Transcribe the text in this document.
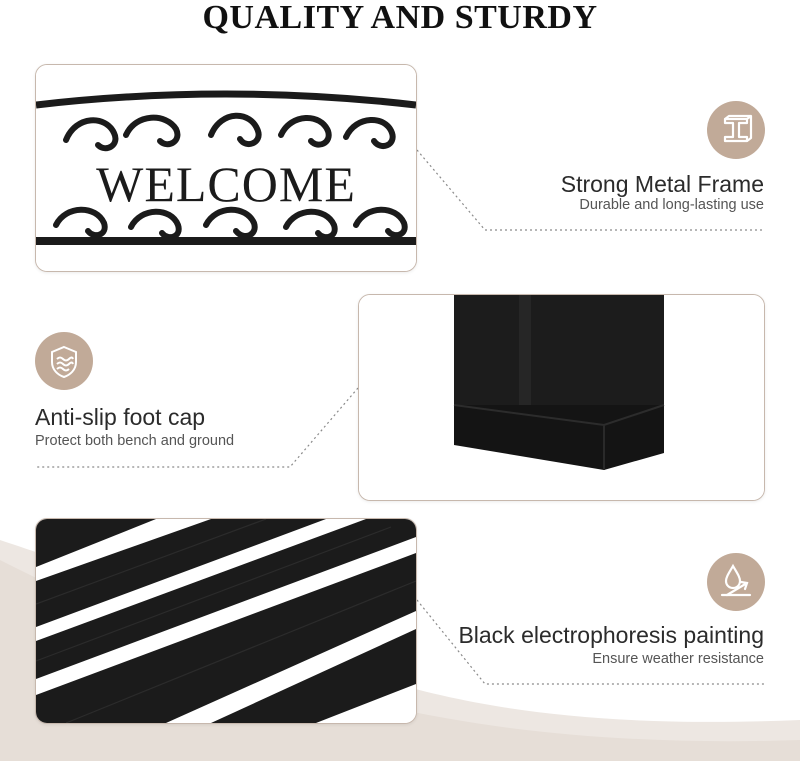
QUALITY AND STURDY
WELCOME	Strong Metal Frame
Durable and long-lasting use
Anti-slip foot cap
Protect both bench and ground
Black electrophoresis painting
Ensure weather resistance
